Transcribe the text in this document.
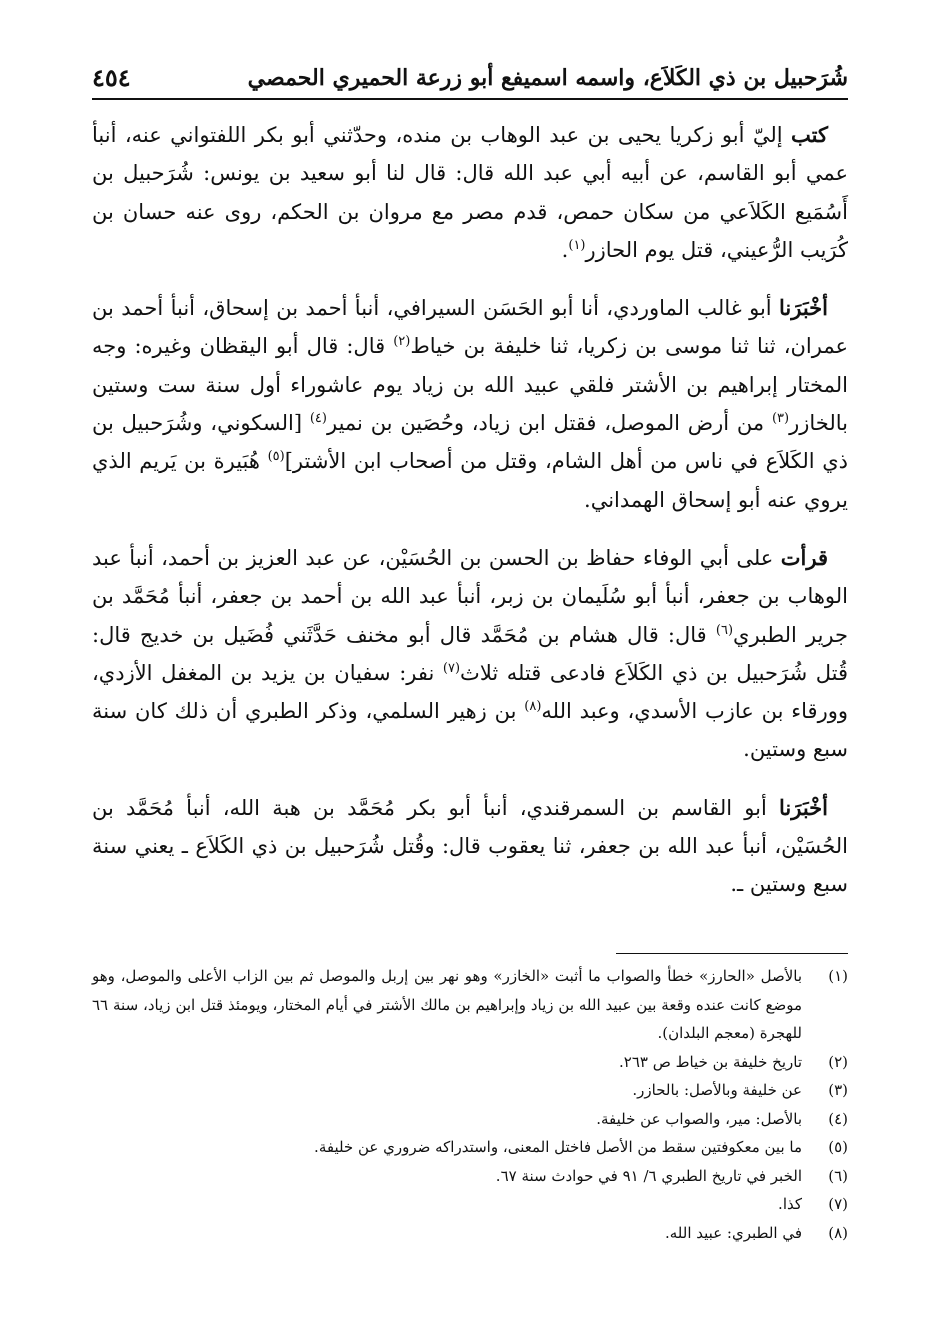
شُرَحبيل بن ذي الكَلاَع، واسمه اسميفع أبو زرعة الحميري الحمصي
٤٥٤

كتب إليّ أبو زكريا يحيى بن عبد الوهاب بن منده، وحدّثني أبو بكر اللفتواني عنه، أنبأ عمي أبو القاسم، عن أبيه أبي عبد الله قال: قال لنا أبو سعيد بن يونس: شُرَحبيل بن أَسُمَيع الكَلاَعي من سكان حمص، قدم مصر مع مروان بن الحكم، روى عنه حسان بن كُرَيب الرُّعيني، قتل يوم الحازر$^{(١)}$.

أخْبَرَنا أبو غالب الماوردي، أنا أبو الحَسَن السيرافي، أنبأ أحمد بن إسحاق، أنبأ أحمد بن عمران، ثنا ثنا موسى بن زكريا، ثنا خليفة بن خياط$^{(٢)}$ قال: قال أبو اليقظان وغيره: وجه المختار إبراهيم بن الأشتر فلقي عبيد الله بن زياد يوم عاشوراء أول سنة ست وستين بالخازر$^{(٣)}$ من أرض الموصل، فقتل ابن زياد، وحُصَين بن نمير$^{(٤)}$ [السكوني، وشُرَحبيل بن ذي الكَلاَع في ناس من أهل الشام، وقتل من أصحاب ابن الأشتر]$^{(٥)}$ هُبَيرة بن يَريم الذي يروي عنه أبو إسحاق الهمداني.

قرأت على أبي الوفاء حفاظ بن الحسن بن الحُسَيْن، عن عبد العزيز بن أحمد، أنبأ عبد الوهاب بن جعفر، أنبأ أبو سُلَيمان بن زبر، أنبأ عبد الله بن أحمد بن جعفر، أنبأ مُحَمَّد بن جرير الطبري$^{(٦)}$ قال: قال هشام بن مُحَمَّد قال أبو مخنف حَدَّثَني فُضَيل بن خديج قال: قُتل شُرَحبيل بن ذي الكَلاَع فادعى قتله ثلاث$^{(٧)}$ نفر: سفيان بن يزيد بن المغفل الأزدي، وورقاء بن عازب الأسدي، وعبد الله$^{(٨)}$ بن زهير السلمي، وذكر الطبري أن ذلك كان سنة سبع وستين.

أخْبَرَنا أبو القاسم بن السمرقندي، أنبأ أبو بكر مُحَمَّد بن هبة الله، أنبأ مُحَمَّد بن الحُسَيْن، أنبأ عبد الله بن جعفر، ثنا يعقوب قال: وقُتل شُرَحبيل بن ذي الكَلاَع ـ يعني سنة سبع وستين ـ.

(١)
بالأصل «الحارز» خطأ والصواب ما أثبت «الخازر» وهو نهر بين إربل والموصل ثم بين الزاب الأعلى والموصل، وهو موضع كانت عنده وقعة بين عبيد الله بن زياد وإبراهيم بن مالك الأشتر في أيام المختار، ويومئذ قتل ابن زياد، سنة ٦٦ للهجرة (معجم البلدان).
(٢)
تاريخ خليفة بن خياط ص ٢٦٣.
(٣)
عن خليفة وبالأصل: بالحازر.
(٤)
بالأصل: مير، والصواب عن خليفة.
(٥)
ما بين معكوفتين سقط من الأصل فاختل المعنى، واستدراكه ضروري عن خليفة.
(٦)
الخبر في تاريخ الطبري ٦/ ٩١ في حوادث سنة ٦٧.
(٧)
كذا.
(٨)
في الطبري: عبيد الله.
